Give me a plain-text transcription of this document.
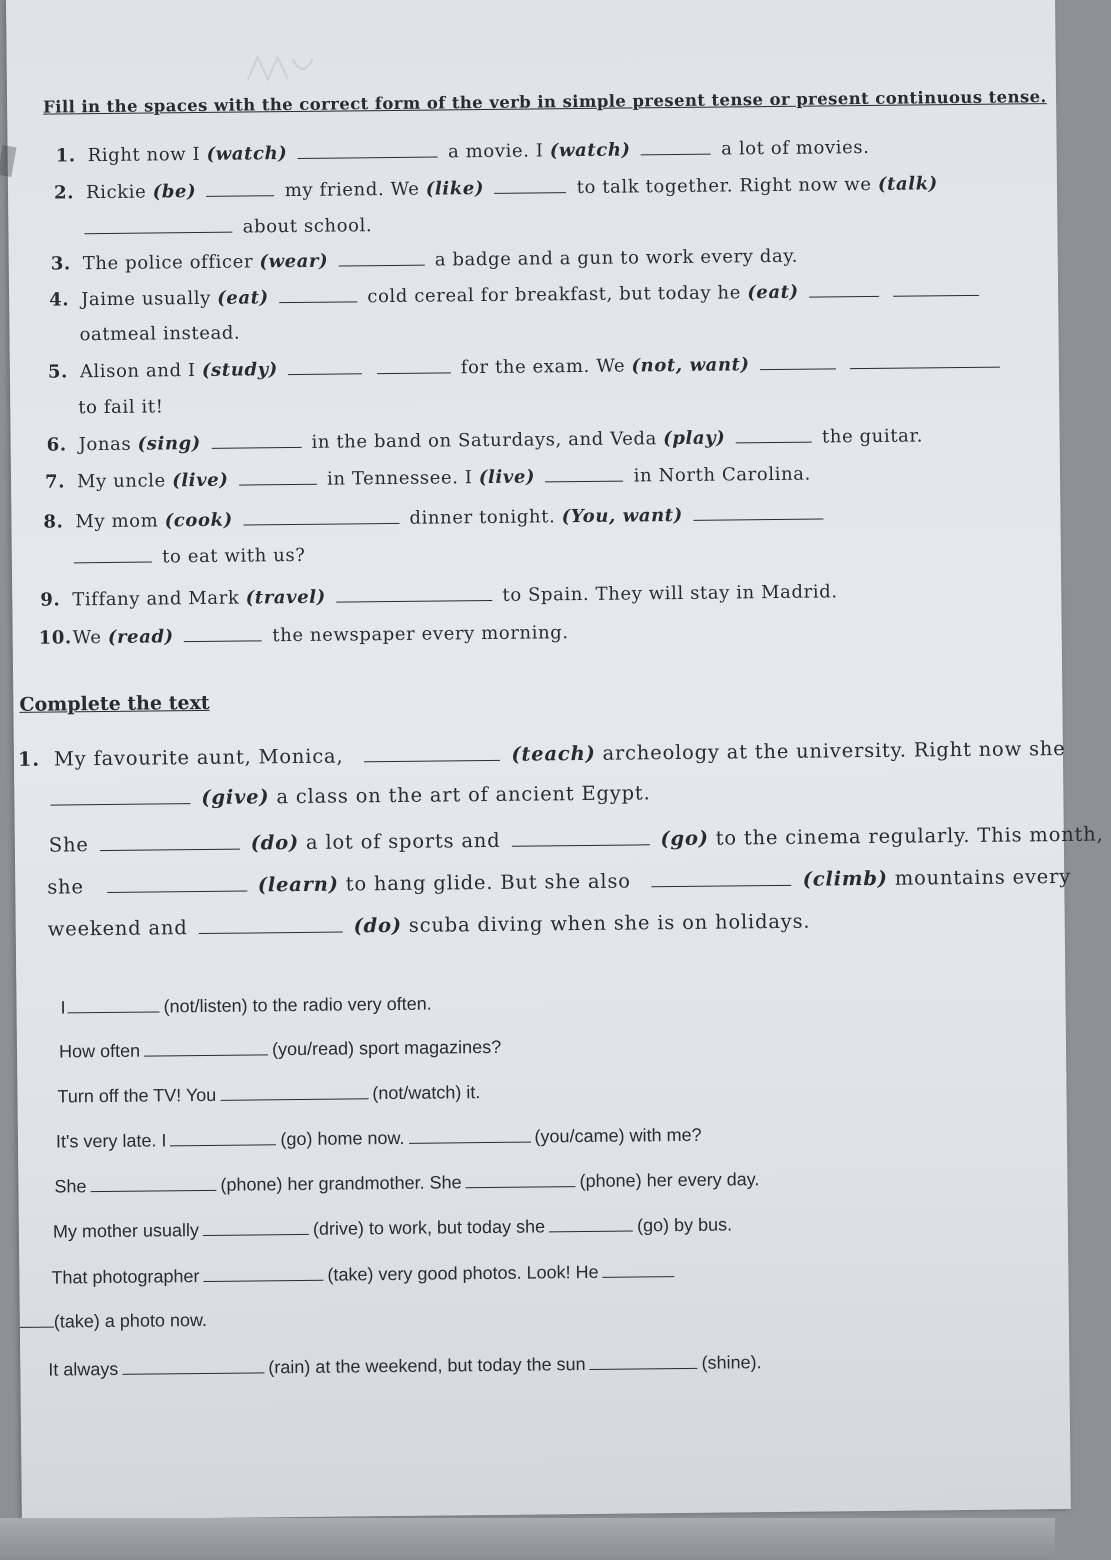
Fill in the spaces with the correct form of the verb in simple present tense or present continuous tense.
1. Right now I (watch)	a movie. I (watch)	a lot of movies.
2. Rickie (be)	my friend. We (like)	to talk together. Right now we (talk)
about school.
3. The police officer (wear)	a badge and a gun to work every day.
4. Jaime usually (eat)	cold cereal for breakfast, but today he (eat)
oatmeal instead.
5. Alison and I (study)	for the exam. We (not, want)
to fail it!
6. Jonas (sing)	in the band on Saturdays, and Veda (play)	the guitar.
7. My uncle (live)	in Tennessee. I (live)	in North Carolina.
8. My mom (cook)	dinner tonight. (You, want)
to eat with us?
9. Tiffany and Mark (travel)	to Spain. They will stay in Madrid.
10.We (read)	the newspaper every morning.
Complete the text
1. My favourite aunt, Monica,	(teach) archeology at the university. Right now she
(give) a class on the art of ancient Egypt.
She	(do) a lot of sports and	(go) to the cinema regularly. This month,
she	(learn) to hang glide. But she also	(climb) mountains every
weekend and	(do) scuba diving when she is on holidays.
I	(not/listen) to the radio very often.
How often	(you/read) sport magazines?
Turn off the TV! You	(not/watch) it.
It's very late. I	(go) home now.	(you/came) with me?
She	(phone) her grandmother. She	(phone) her every day.
My mother usually	(drive) to work, but today she	(go) by bus.
That photographer	(take) very good photos. Look! He
(take) a photo now.
It always	(rain) at the weekend, but today the sun	(shine).
